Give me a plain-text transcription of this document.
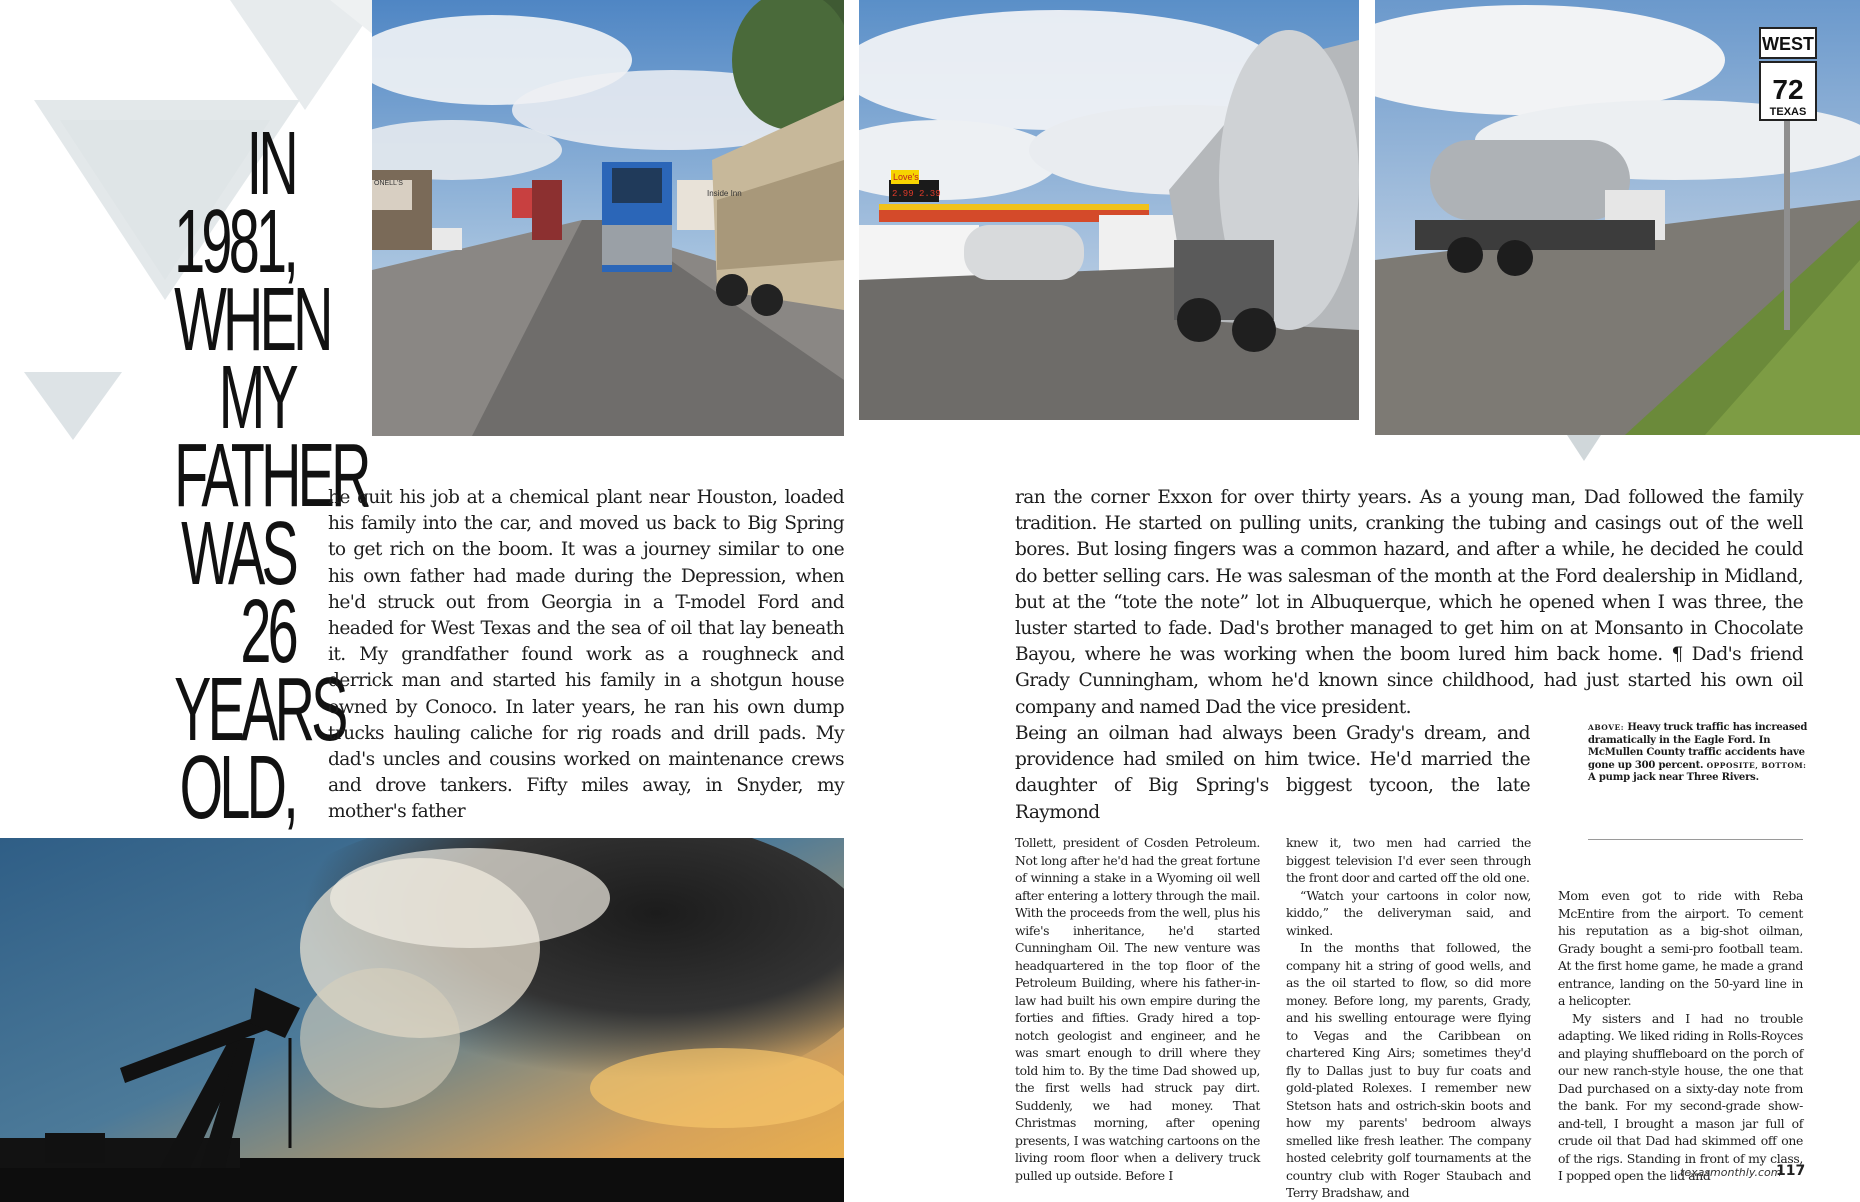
IN 1981,
WHEN
MY
FATHER
WAS 26
YEARS
OLD,
Inside Inn
ONELL'S
Love's
2.99 2.39
WEST
72
TEXAS
he quit his job at a chemical plant near Houston, loaded his family into the car, and moved us back to Big Spring to get rich on the boom. It was a journey similar to one his own father had made during the Depression, when he'd struck out from Georgia in a T-model Ford and headed for West Texas and the sea of oil that lay beneath it. My grandfather found work as a roughneck and derrick man and started his family in a shotgun house owned by Conoco. In later years, he ran his own dump trucks hauling caliche for rig roads and drill pads. My dad's uncles and cousins worked on maintenance crews and drove tankers. Fifty miles away, in Snyder, my mother's father
ran the corner Exxon for over thirty years. As a young man, Dad followed the family tradition. He started on pulling units, cranking the tubing and casings out of the well bores. But losing fingers was a common hazard, and after a while, he decided he could do better selling cars. He was salesman of the month at the Ford dealership in Midland, but at the “tote the note” lot in Albuquerque, which he opened when I was three, the luster started to fade. Dad's brother managed to get him on at Monsanto in Chocolate Bayou, where he was working when the boom lured him back home. ¶ Dad's friend Grady Cunningham, whom he'd known since childhood, had just started his own oil company and named Dad the vice president.
Being an oilman had always been Grady's dream, and providence had smiled on him twice. He'd married the daughter of Big Spring's biggest tycoon, the late Raymond
ABOVE: Heavy truck traffic has increased dramatically in the Eagle Ford. In McMullen County traffic accidents have gone up 300 percent. OPPOSITE, BOTTOM: A pump jack near Three Rivers.

Tollett, president of Cosden Petroleum. Not long after he'd had the great fortune of winning a stake in a Wyoming oil well after entering a lottery through the mail. With the proceeds from the well, plus his wife's inheritance, he'd started Cunningham Oil. The new venture was headquartered in the top floor of the Petroleum Building, where his father-in-law had built his own empire during the forties and fifties. Grady hired a top-notch geologist and engineer, and he was smart enough to drill where they told him to. By the time Dad showed up, the first wells had struck pay dirt. Suddenly, we had money. That Christmas morning, after opening presents, I was watching cartoons on the living room floor when a delivery truck pulled up outside. Before I

knew it, two men had carried the biggest television I'd ever seen through the front door and carted off the old one.

“Watch your cartoons in color now, kiddo,” the deliveryman said, and winked.

In the months that followed, the company hit a string of good wells, and as the oil started to flow, so did more money. Before long, my parents, Grady, and his swelling entourage were flying to Vegas and the Caribbean on chartered King Airs; sometimes they'd fly to Dallas just to buy fur coats and gold-plated Rolexes. I remember new Stetson hats and ostrich-skin boots and how my parents' bedroom always smelled like fresh leather. The company hosted celebrity golf tournaments at the country club with Roger Staubach and Terry Bradshaw, and

Mom even got to ride with Reba McEntire from the airport. To cement his reputation as a big-shot oilman, Grady bought a semi-pro football team. At the first home game, he made a grand entrance, landing on the 50-yard line in a helicopter.

My sisters and I had no trouble adapting. We liked riding in Rolls-Royces and playing shuffleboard on the porch of our new ranch-style house, the one that Dad purchased on a sixty-day note from the bank. For my second-grade show-and-tell, I brought a mason jar full of crude oil that Dad had skimmed off one of the rigs. Standing in front of my class, I popped open the lid and

texasmonthly.com
117
